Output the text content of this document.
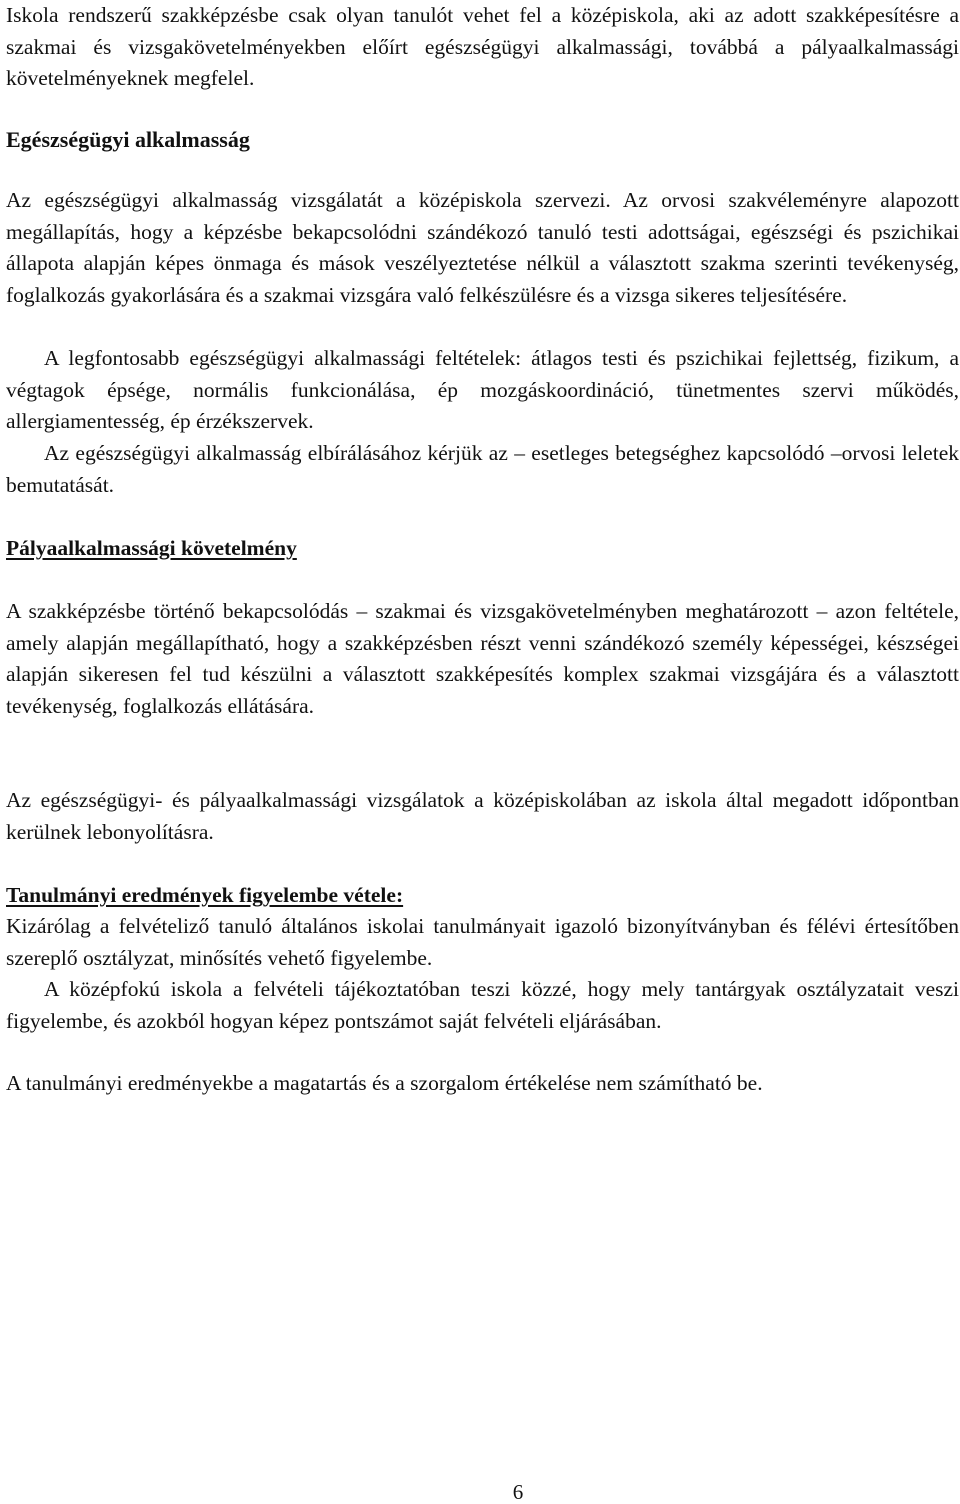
Iskola rendszerű szakképzésbe csak olyan tanulót vehet fel a középiskola, aki az adott szakképesítésre a szakmai és vizsgakövetelményekben előírt egészségügyi alkalmassági, továbbá a pályaalkalmassági követelményeknek megfelel.

Egészségügyi alkalmasság

Az egészségügyi alkalmasság vizsgálatát a középiskola szervezi. Az orvosi szakvéleményre alapozott megállapítás, hogy a képzésbe bekapcsolódni szándékozó tanuló testi adottságai, egészségi és pszichikai állapota alapján képes önmaga és mások veszélyeztetése nélkül a választott szakma szerinti tevékenység, foglalkozás gyakorlására és a szakmai vizsgára való felkészülésre és a vizsga sikeres teljesítésére.

A legfontosabb egészségügyi alkalmassági feltételek: átlagos testi és pszichikai fejlettség, fizikum, a végtagok épsége, normális funkcionálása, ép mozgáskoordináció, tünetmentes szervi működés, allergiamentesség, ép érzékszervek.

Az egészségügyi alkalmasság elbírálásához kérjük az – esetleges betegséghez kapcsolódó –orvosi leletek bemutatását.

Pályaalkalmassági követelmény

A szakképzésbe történő bekapcsolódás – szakmai és vizsgakövetelményben meghatározott – azon feltétele, amely alapján megállapítható, hogy a szakképzésben részt venni szándékozó személy képességei, készségei alapján sikeresen fel tud készülni a választott szakképesítés komplex szakmai vizsgájára és a választott tevékenység, foglalkozás ellátására.

Az egészségügyi- és pályaalkalmassági vizsgálatok a középiskolában az iskola által megadott időpontban kerülnek lebonyolításra.

Tanulmányi eredmények figyelembe vétele:

Kizárólag a felvételiző tanuló általános iskolai tanulmányait igazoló bizonyítványban és félévi értesítőben szereplő osztályzat, minősítés vehető figyelembe.

A középfokú iskola a felvételi tájékoztatóban teszi közzé, hogy mely tantárgyak osztályzatait veszi figyelembe, és azokból hogyan képez pontszámot saját felvételi eljárásában.

A tanulmányi eredményekbe a magatartás és a szorgalom értékelése nem számítható be.

6
